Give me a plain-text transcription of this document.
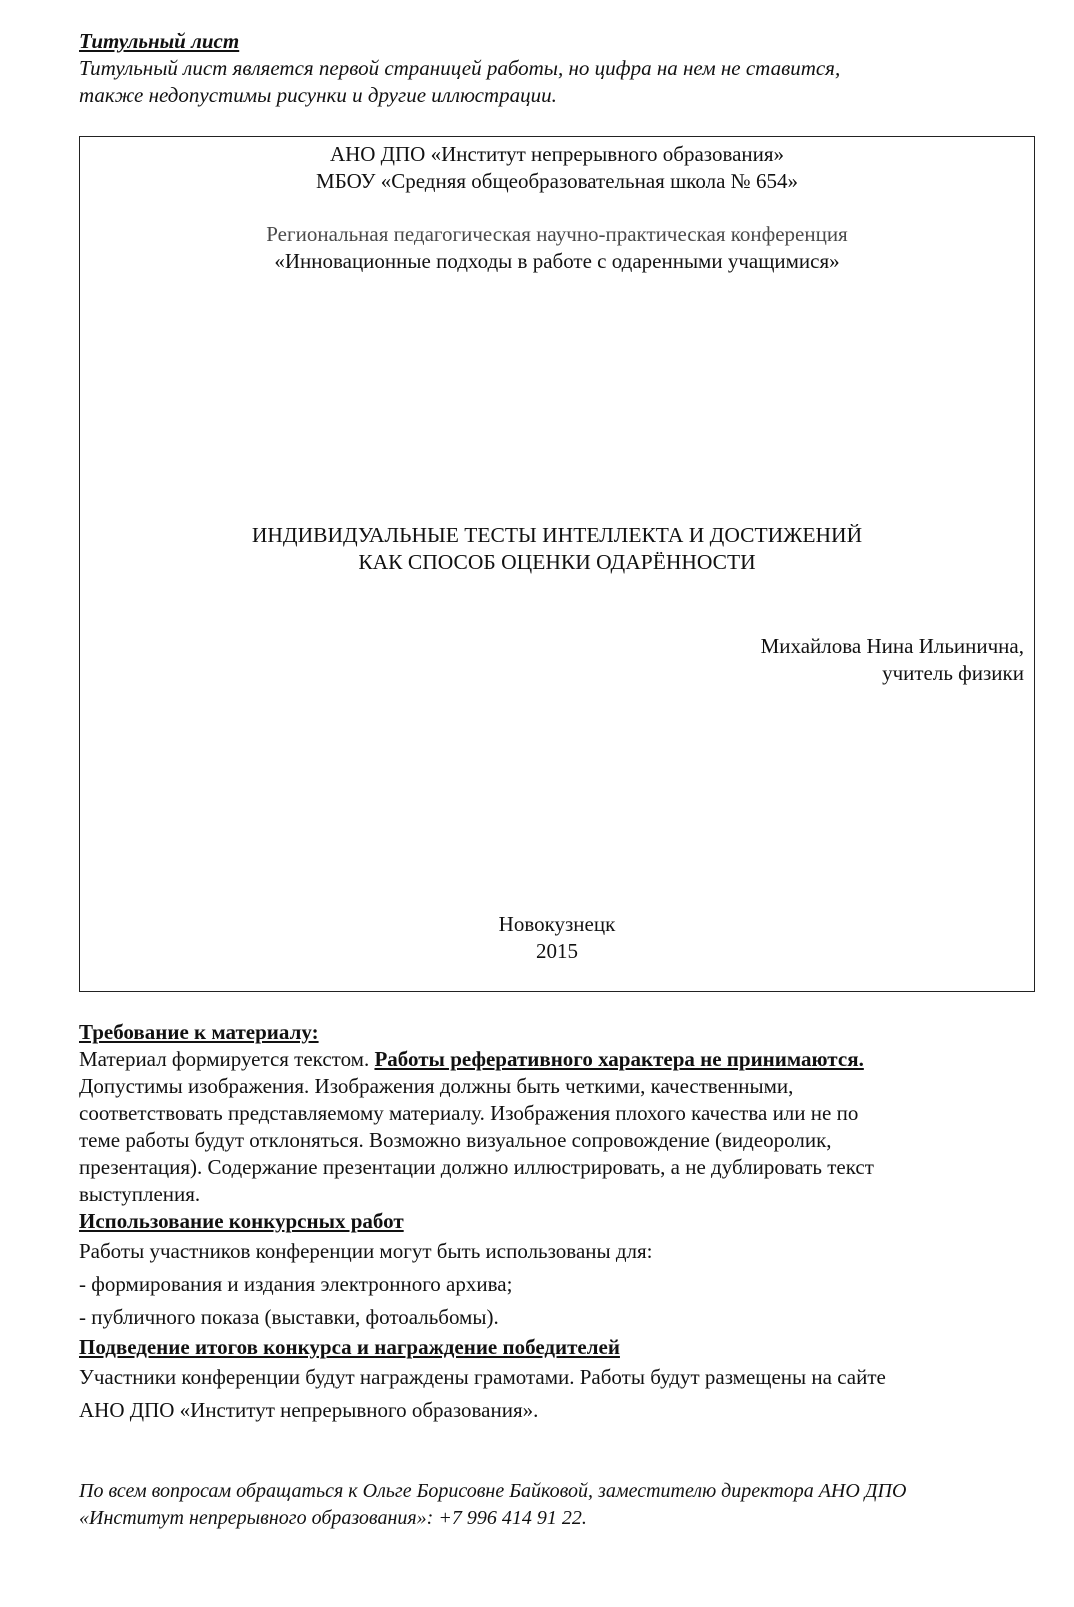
Титульный лист
Титульный лист является первой страницей работы, но цифра на нем не ставится,
также недопустимы рисунки и другие иллюстрации.
АНО ДПО «Институт непрерывного образования»
МБОУ «Средняя общеобразовательная школа № 654»
Региональная педагогическая научно-практическая конференция
«Инновационные подходы в работе с одаренными учащимися»
ИНДИВИДУАЛЬНЫЕ ТЕСТЫ ИНТЕЛЛЕКТА И ДОСТИЖЕНИЙ
КАК СПОСОБ ОЦЕНКИ ОДАРЁННОСТИ
Михайлова Нина Ильинична,
учитель физики
Новокузнецк
2015
Требование к материалу:
Материал формируется текстом. Работы реферативного характера не принимаются.
Допустимы изображения. Изображения должны быть четкими, качественными,
соответствовать представляемому материалу. Изображения плохого качества или не по
теме работы будут отклоняться. Возможно визуальное сопровождение (видеоролик,
презентация). Содержание презентации должно иллюстрировать, а не дублировать текст
выступления.
Использование конкурсных работ
Работы участников конференции могут быть использованы для:
- формирования и издания электронного архива;
- публичного показа (выставки, фотоальбомы).
Подведение итогов конкурса и награждение победителей
Участники конференции будут награждены грамотами. Работы будут размещены на сайте
АНО ДПО «Институт непрерывного образования».
По всем вопросам обращаться к Ольге Борисовне Байковой, заместителю директора АНО ДПО
«Институт непрерывного образования»: +7 996 414 91 22.
